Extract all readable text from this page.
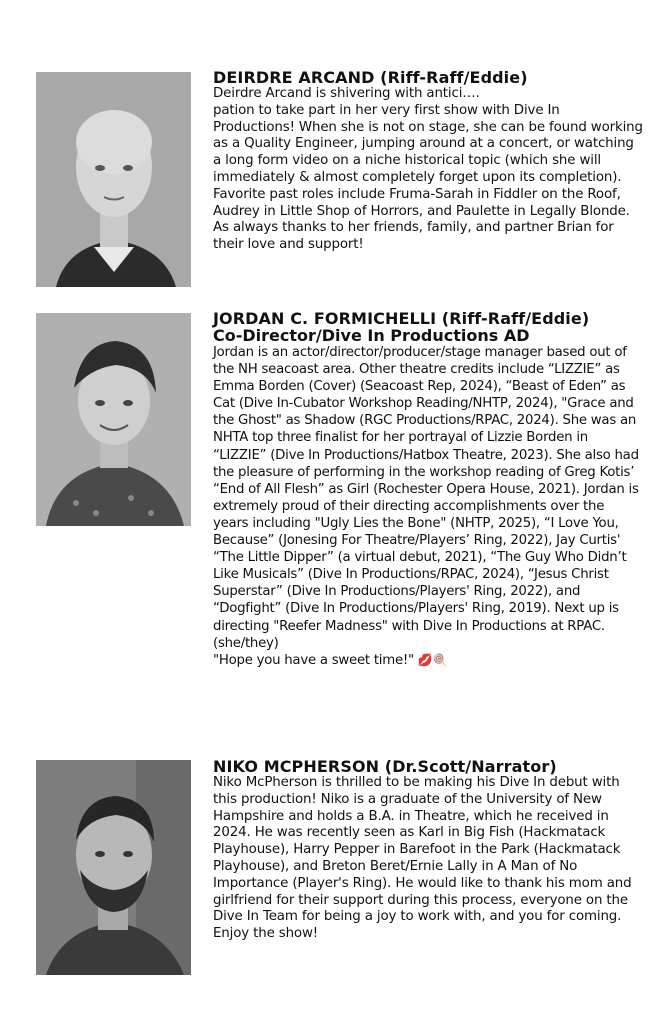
DEIRDRE ARCAND (Riff-Raff/Eddie)

Deirdre Arcand is shivering with antici….
pation to take part in her very first show with Dive In Productions! When she is not on stage, she can be found working as a Quality Engineer, jumping around at a concert, or watching a long form video on a niche historical topic (which she will immediately & almost completely forget upon its completion). Favorite past roles include Fruma-Sarah in Fiddler on the Roof, Audrey in Little Shop of Horrors, and Paulette in Legally Blonde. As always thanks to her friends, family, and partner Brian for their love and support!

JORDAN C. FORMICHELLI (Riff-Raff/Eddie)

Co-Director/Dive In Productions AD

Jordan is an actor/director/producer/stage manager based out of the NH seacoast area. Other theatre credits include “LIZZIE” as Emma Borden (Cover) (Seacoast Rep, 2024), “Beast of Eden” as Cat (Dive In-Cubator Workshop Reading/NHTP, 2024), "Grace and the Ghost" as Shadow (RGC Productions/RPAC, 2024). She was an NHTA top three finalist for her portrayal of Lizzie Borden in “LIZZIE” (Dive In Productions/Hatbox Theatre, 2023). She also had the pleasure of performing in the workshop reading of Greg Kotis’ “End of All Flesh” as Girl (Rochester Opera House, 2021). Jordan is extremely proud of their directing accomplishments over the years including "Ugly Lies the Bone" (NHTP, 2025), “I Love You, Because” (Jonesing For Theatre/Players’ Ring, 2022), Jay Curtis' “The Little Dipper” (a virtual debut, 2021), “The Guy Who Didn’t Like Musicals” (Dive In Productions/RPAC, 2024), “Jesus Christ Superstar” (Dive In Productions/Players' Ring, 2022), and “Dogfight” (Dive In Productions/Players' Ring, 2019). Next up is directing "Reefer Madness" with Dive In Productions at RPAC. (she/they)

"Hope you have a sweet time!" 💋🍭

NIKO MCPHERSON (Dr.Scott/Narrator)

Niko McPherson is thrilled to be making his Dive In debut with this production! Niko is a graduate of the University of New Hampshire and holds a B.A. in Theatre, which he received in 2024. He was recently seen as Karl in Big Fish (Hackmatack Playhouse), Harry Pepper in Barefoot in the Park (Hackmatack Playhouse), and Breton Beret/Ernie Lally in A Man of No Importance (Player's Ring). He would like to thank his mom and girlfriend for their support during this process, everyone on the Dive In Team for being a joy to work with, and you for coming. Enjoy the show!
